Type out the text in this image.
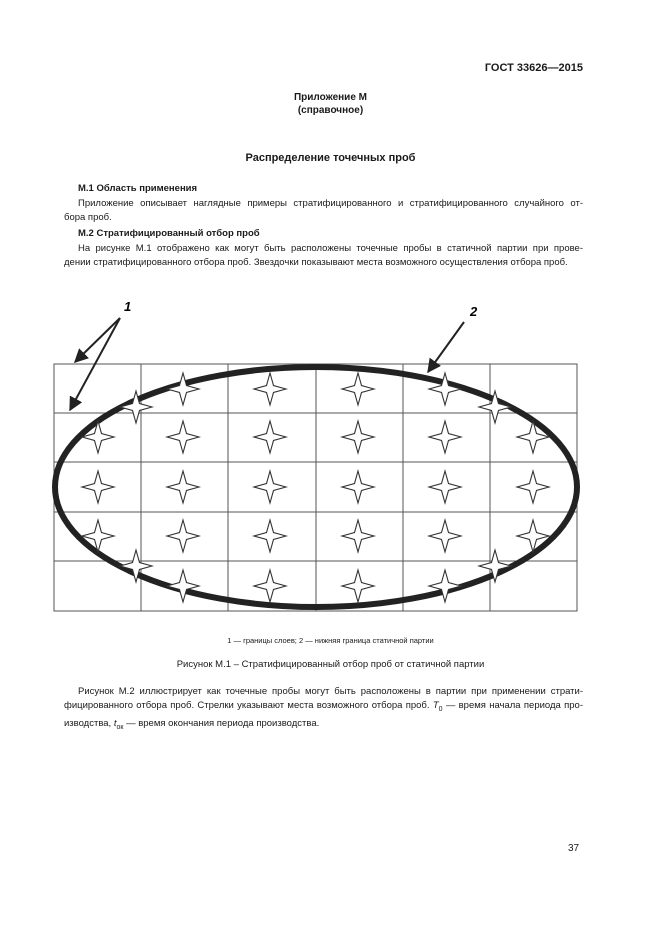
ГОСТ 33626—2015
Приложение М
(справочное)
Распределение точечных проб
М.1 Область применения
Приложение описывает наглядные примеры стратифицированного и стратифицированного случайного от-
бора проб.
М.2 Стратифицированный отбор проб
На рисунке М.1 отображено как могут быть расположены точечные пробы в статичной партии при прове-
дении стратифицированного отбора проб. Звездочки показывают места возможного осуществления отбора проб.
1	2
1 — границы слоев; 2 — нижняя граница статичной партии
Рисунок М.1 – Стратифицированный отбор проб от статичной партии
Рисунок М.2 иллюстрирует как точечные пробы могут быть расположены в партии при применении страти-
фицированного отбора проб. Стрелки указывают места возможного отбора проб. $T_0$ — время начала периода про-
изводства, $t_{ок}$ — время окончания периода производства.
37
